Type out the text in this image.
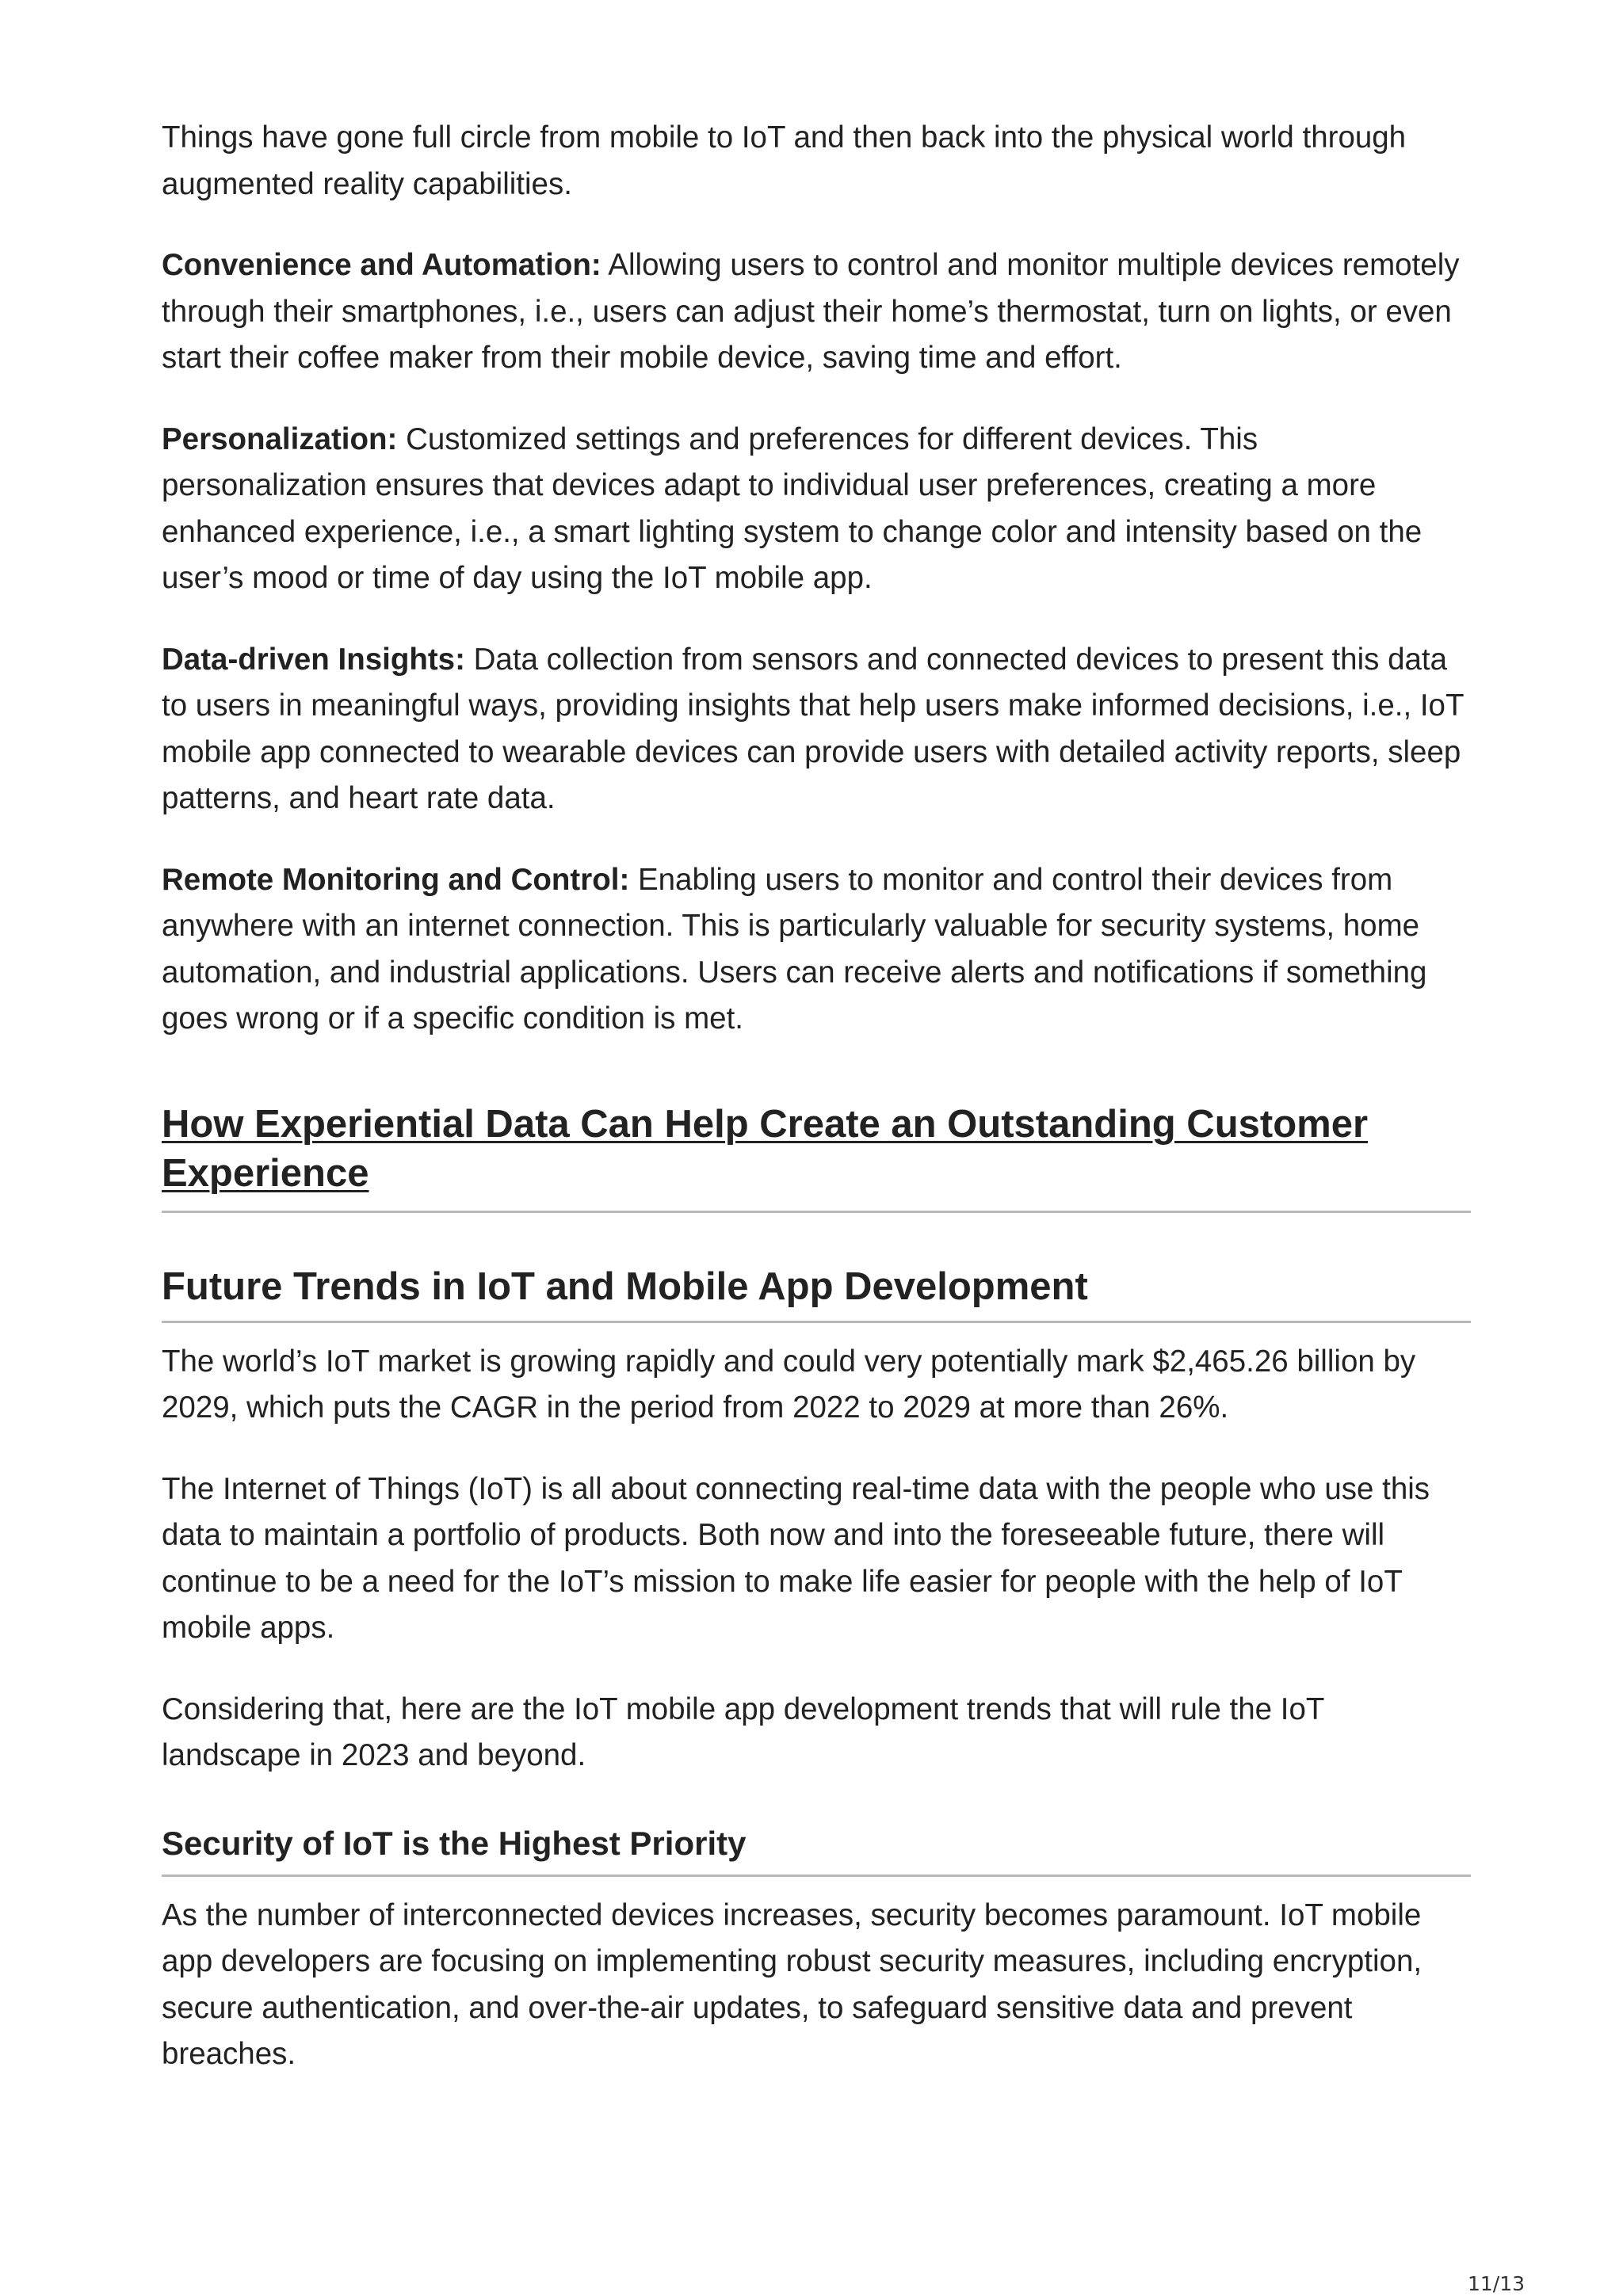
Things have gone full circle from mobile to IoT and then back into the physical world through augmented reality capabilities.

Convenience and Automation: Allowing users to control and monitor multiple devices remotely through their smartphones, i.e., users can adjust their home’s thermostat, turn on lights, or even start their coffee maker from their mobile device, saving time and effort.

Personalization: Customized settings and preferences for different devices. This personalization ensures that devices adapt to individual user preferences, creating a more enhanced experience, i.e., a smart lighting system to change color and intensity based on the user’s mood or time of day using the IoT mobile app.

Data-driven Insights: Data collection from sensors and connected devices to present this data to users in meaningful ways, providing insights that help users make informed decisions, i.e., IoT mobile app connected to wearable devices can provide users with detailed activity reports, sleep patterns, and heart rate data.

Remote Monitoring and Control: Enabling users to monitor and control their devices from anywhere with an internet connection. This is particularly valuable for security systems, home automation, and industrial applications. Users can receive alerts and notifications if something goes wrong or if a specific condition is met.

How Experiential Data Can Help Create an Outstanding Customer Experience
Future Trends in IoT and Mobile App Development

The world’s IoT market is growing rapidly and could very potentially mark $2,465.26 billion by 2029, which puts the CAGR in the period from 2022 to 2029 at more than 26%.

The Internet of Things (IoT) is all about connecting real-time data with the people who use this data to maintain a portfolio of products. Both now and into the foreseeable future, there will continue to be a need for the IoT’s mission to make life easier for people with the help of IoT mobile apps.

Considering that, here are the IoT mobile app development trends that will rule the IoT landscape in 2023 and beyond.

Security of IoT is the Highest Priority

As the number of interconnected devices increases, security becomes paramount. IoT mobile app developers are focusing on implementing robust security measures, including encryption, secure authentication, and over-the-air updates, to safeguard sensitive data and prevent breaches.

11/13
